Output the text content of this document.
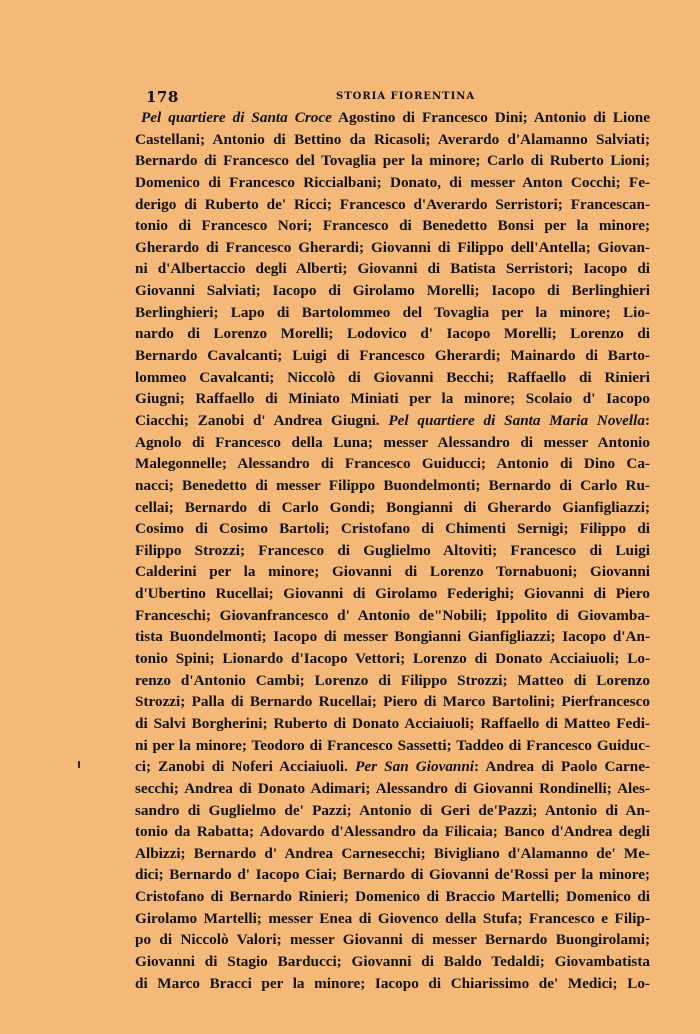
178	STORIA FIORENTINA
Pel quartiere di Santa Croce Agostino di Francesco Dini; Antonio di Lione
Castellani; Antonio di Bettino da Ricasoli; Averardo d'Alamanno Salviati;
Bernardo di Francesco del Tovaglia per la minore; Carlo di Ruberto Lioni;
Domenico di Francesco Riccialbani; Donato, di messer Anton Cocchi; Fe-
derigo di Ruberto de' Ricci; Francesco d'Averardo Serristori; Francescan-
tonio di Francesco Nori; Francesco di Benedetto Bonsi per la minore;
Gherardo di Francesco Gherardi; Giovanni di Filippo dell'Antella; Giovan-
ni d'Albertaccio degli Alberti; Giovanni di Batista Serristori; Iacopo di
Giovanni Salviati; Iacopo di Girolamo Morelli; Iacopo di Berlinghieri
Berlinghieri; Lapo di Bartolommeo del Tovaglia per la minore; Lio-
nardo di Lorenzo Morelli; Lodovico d' Iacopo Morelli; Lorenzo di
Bernardo Cavalcanti; Luigi di Francesco Gherardi; Mainardo di Barto-
lommeo Cavalcanti; Niccolò di Giovanni Becchi; Raffaello di Rinieri
Giugni; Raffaello di Miniato Miniati per la minore; Scolaio d' Iacopo
Ciacchi; Zanobi d' Andrea Giugni. Pel quartiere di Santa Maria Novella:
Agnolo di Francesco della Luna; messer Alessandro di messer Antonio
Malegonnelle; Alessandro di Francesco Guiducci; Antonio di Dino Ca-
nacci; Benedetto di messer Filippo Buondelmonti; Bernardo di Carlo Ru-
cellai; Bernardo di Carlo Gondi; Bongianni di Gherardo Gianfigliazzi;
Cosimo di Cosimo Bartoli; Cristofano di Chimenti Sernigi; Filippo di
Filippo Strozzi; Francesco di Guglielmo Altoviti; Francesco di Luigi
Calderini per la minore; Giovanni di Lorenzo Tornabuoni; Giovanni
d'Ubertino Rucellai; Giovanni di Girolamo Federighi; Giovanni di Piero
Franceschi; Giovanfrancesco d' Antonio de"Nobili; Ippolito di Giovamba-
tista Buondelmonti; Iacopo di messer Bongianni Gianfigliazzi; Iacopo d'An-
tonio Spini; Lionardo d'Iacopo Vettori; Lorenzo di Donato Acciaiuoli; Lo-
renzo d'Antonio Cambi; Lorenzo di Filippo Strozzi; Matteo di Lorenzo
Strozzi; Palla di Bernardo Rucellai; Piero di Marco Bartolini; Pierfrancesco
di Salvi Borgherini; Ruberto di Donato Acciaiuoli; Raffaello di Matteo Fedi-
ni per la minore; Teodoro di Francesco Sassetti; Taddeo di Francesco Guiduc-
ci; Zanobi di Noferi Acciaiuoli. Per San Giovanni: Andrea di Paolo Carne-
secchi; Andrea di Donato Adimari; Alessandro di Giovanni Rondinelli; Ales-
sandro di Guglielmo de' Pazzi; Antonio di Geri de'Pazzi; Antonio di An-
tonio da Rabatta; Adovardo d'Alessandro da Filicaia; Banco d'Andrea degli
Albizzi; Bernardo d' Andrea Carnesecchi; Bivigliano d'Alamanno de' Me-
dici; Bernardo d' Iacopo Ciai; Bernardo di Giovanni de'Rossi per la minore;
Cristofano di Bernardo Rinieri; Domenico di Braccio Martelli; Domenico di
Girolamo Martelli; messer Enea di Giovenco della Stufa; Francesco e Filip-
po di Niccolò Valori; messer Giovanni di messer Bernardo Buongirolami;
Giovanni di Stagio Barducci; Giovanni di Baldo Tedaldi; Giovambatista
di Marco Bracci per la minore; Iacopo di Chiarissimo de' Medici; Lo-
